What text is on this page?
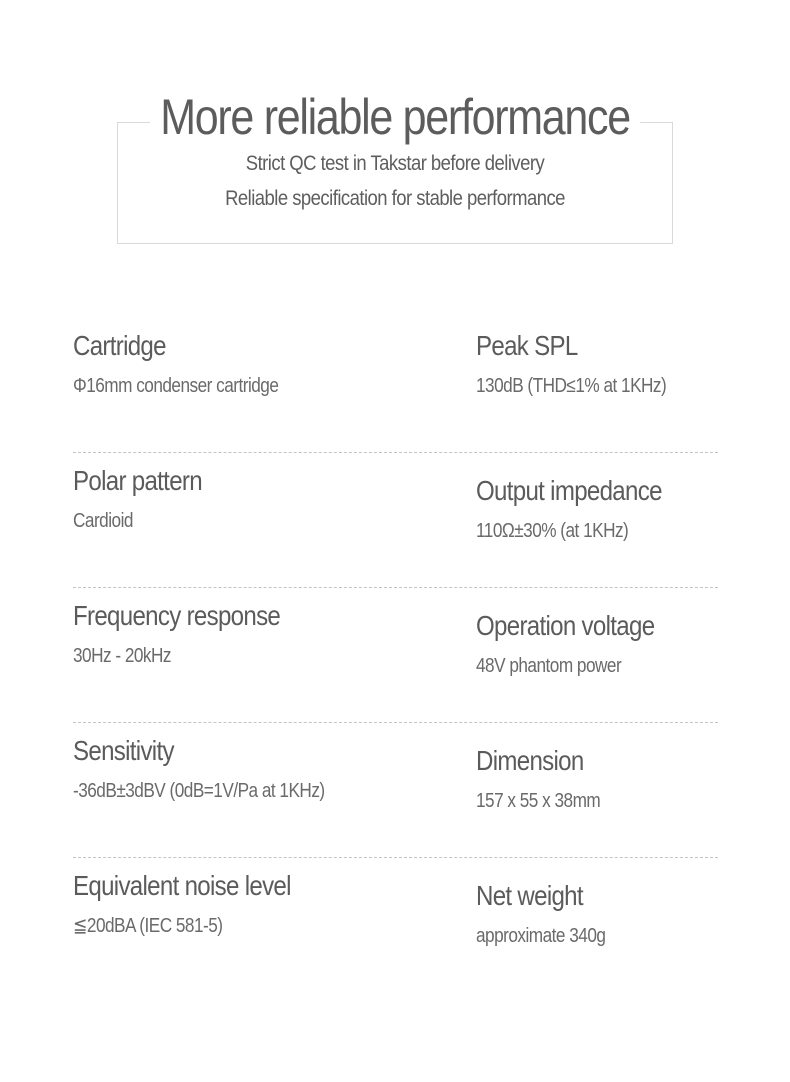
More reliable performance

Strict QC test in Takstar before delivery

Reliable specification for stable performance

Cartridge
Φ16mm condenser cartridge
Peak SPL
130dB (THD≤1% at 1KHz)
Polar pattern
Cardioid
Output impedance
110Ω±30% (at 1KHz)
Frequency response
30Hz - 20kHz
Operation voltage
48V phantom power
Sensitivity
-36dB±3dBV (0dB=1V/Pa at 1KHz)
Dimension
157 x 55 x 38mm
Equivalent noise level
≦20dBA (IEC 581-5)
Net weight
approximate 340g
